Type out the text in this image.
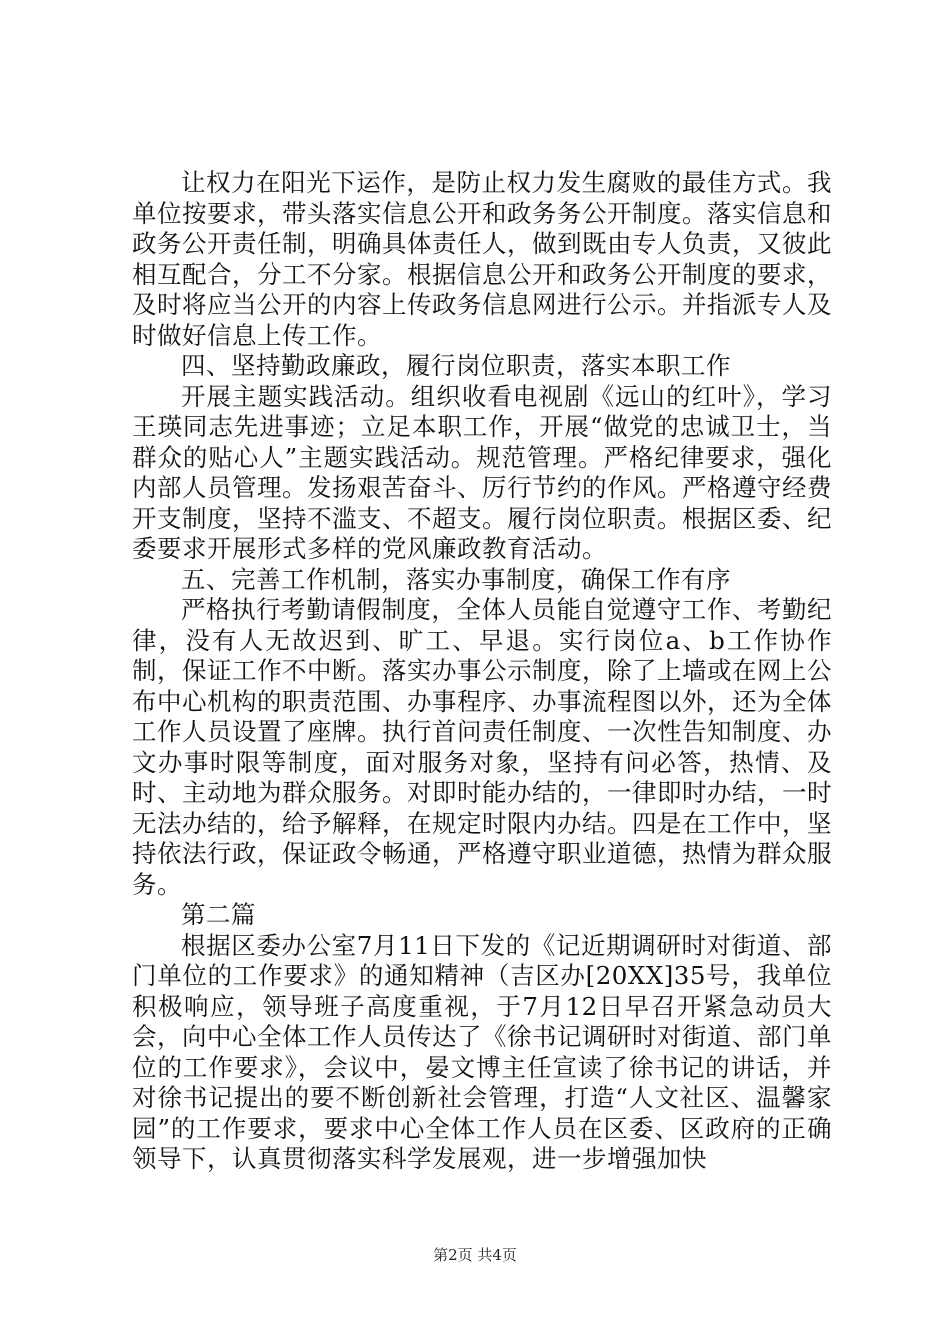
让权力在阳光下运作，是防止权力发生腐败的最佳方式。我单位按要求，带头落实信息公开和政务务公开制度。落实信息和政务公开责任制，明确具体责任人，做到既由专人负责，又彼此相互配合，分工不分家。根据信息公开和政务公开制度的要求，及时将应当公开的内容上传政务信息网进行公示。并指派专人及时做好信息上传工作。

四、坚持勤政廉政，履行岗位职责，落实本职工作

开展主题实践活动。组织收看电视剧《远山的红叶》，学习王瑛同志先进事迹；立足本职工作，开展“做党的忠诚卫士，当群众的贴心人”主题实践活动。规范管理。严格纪律要求，强化内部人员管理。发扬艰苦奋斗、厉行节约的作风。严格遵守经费开支制度，坚持不滥支、不超支。履行岗位职责。根据区委、纪委要求开展形式多样的党风廉政教育活动。

五、完善工作机制，落实办事制度，确保工作有序

严格执行考勤请假制度，全体人员能自觉遵守工作、考勤纪律，没有人无故迟到、旷工、早退。实行岗位a、b工作协作制，保证工作不中断。落实办事公示制度，除了上墙或在网上公布中心机构的职责范围、办事程序、办事流程图以外，还为全体工作人员设置了座牌。执行首问责任制度、一次性告知制度、办文办事时限等制度，面对服务对象，坚持有问必答，热情、及时、主动地为群众服务。对即时能办结的，一律即时办结，一时无法办结的，给予解释，在规定时限内办结。四是在工作中，坚持依法行政，保证政令畅通，严格遵守职业道德，热情为群众服务。

第二篇

根据区委办公室7月11日下发的《记近期调研时对街道、部门单位的工作要求》的通知精神（吉区办[20XX]35号，我单位积极响应，领导班子高度重视，于7月12日早召开紧急动员大会，向中心全体工作人员传达了《徐书记调研时对街道、部门单位的工作要求》，会议中，晏文博主任宣读了徐书记的讲话，并对徐书记提出的要不断创新社会管理，打造“人文社区、温馨家园”的工作要求，要求中心全体工作人员在区委、区政府的正确领导下，认真贯彻落实科学发展观，进一步增强加快

第2页 共4页
